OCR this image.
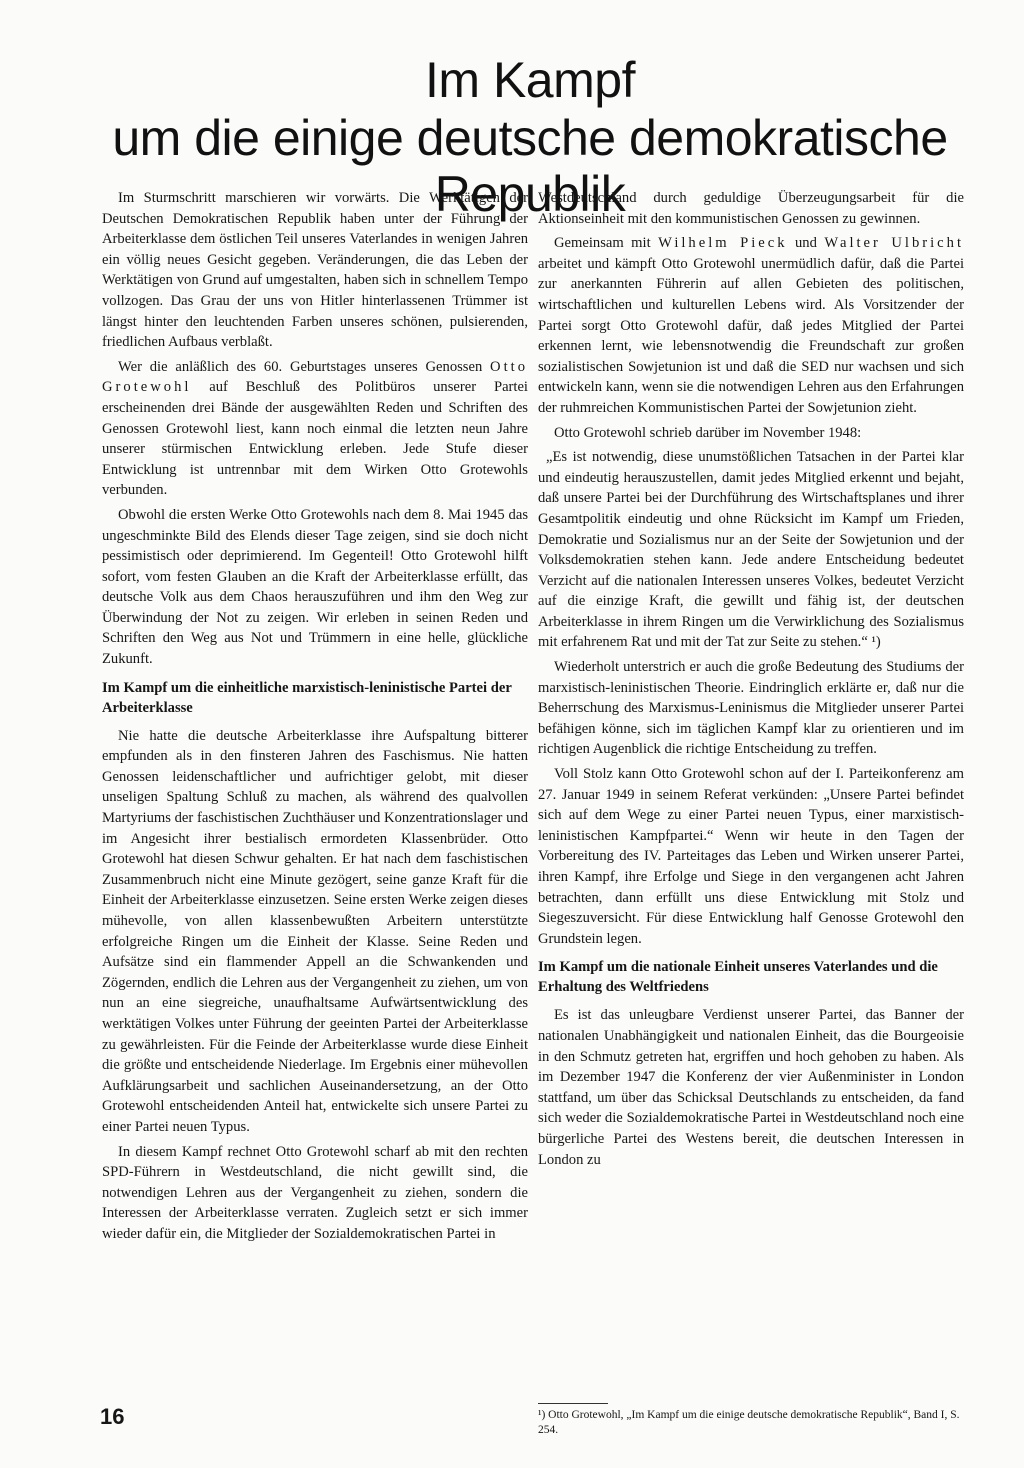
Im Kampf
um die einige deutsche demokratische Republik

Im Sturmschritt marschieren wir vorwärts. Die Werktätigen der Deutschen Demokratischen Republik haben unter der Führung der Arbeiterklasse dem östlichen Teil unseres Vaterlandes in wenigen Jahren ein völlig neues Gesicht gegeben. Veränderungen, die das Leben der Werktätigen von Grund auf umgestalten, haben sich in schnellem Tempo vollzogen. Das Grau der uns von Hitler hinterlassenen Trümmer ist längst hinter den leuchtenden Farben unseres schönen, pulsierenden, friedlichen Aufbaus verblaßt.

Wer die anläßlich des 60. Geburtstages unseres Genossen Otto Grotewohl auf Beschluß des Politbüros unserer Partei erscheinenden drei Bände der ausgewählten Reden und Schriften des Genossen Grotewohl liest, kann noch einmal die letzten neun Jahre unserer stürmischen Entwicklung erleben. Jede Stufe dieser Entwicklung ist untrennbar mit dem Wirken Otto Grotewohls verbunden.

Obwohl die ersten Werke Otto Grotewohls nach dem 8. Mai 1945 das ungeschminkte Bild des Elends dieser Tage zeigen, sind sie doch nicht pessimistisch oder deprimierend. Im Gegenteil! Otto Grotewohl hilft sofort, vom festen Glauben an die Kraft der Arbeiterklasse erfüllt, das deutsche Volk aus dem Chaos herauszuführen und ihm den Weg zur Überwindung der Not zu zeigen. Wir erleben in seinen Reden und Schriften den Weg aus Not und Trümmern in eine helle, glückliche Zukunft.

Im Kampf um die einheitliche marxistisch-leninistische Partei der Arbeiterklasse

Nie hatte die deutsche Arbeiterklasse ihre Aufspaltung bitterer empfunden als in den finsteren Jahren des Faschismus. Nie hatten Genossen leidenschaftlicher und aufrichtiger gelobt, mit dieser unseligen Spaltung Schluß zu machen, als während des qualvollen Martyriums der faschistischen Zuchthäuser und Konzentrationslager und im Angesicht ihrer bestialisch ermordeten Klassenbrüder. Otto Grotewohl hat diesen Schwur gehalten. Er hat nach dem faschistischen Zusammenbruch nicht eine Minute gezögert, seine ganze Kraft für die Einheit der Arbeiterklasse einzusetzen. Seine ersten Werke zeigen dieses mühevolle, von allen klassenbewußten Arbeitern unterstützte erfolgreiche Ringen um die Einheit der Klasse. Seine Reden und Aufsätze sind ein flammender Appell an die Schwankenden und Zögernden, endlich die Lehren aus der Vergangenheit zu ziehen, um von nun an eine siegreiche, unaufhaltsame Aufwärtsentwicklung des werktätigen Volkes unter Führung der geeinten Partei der Arbeiterklasse zu gewährleisten. Für die Feinde der Arbeiterklasse wurde diese Einheit die größte und entscheidende Niederlage. Im Ergebnis einer mühevollen Aufklärungsarbeit und sachlichen Auseinandersetzung, an der Otto Grotewohl entscheidenden Anteil hat, entwickelte sich unsere Partei zu einer Partei neuen Typus.

In diesem Kampf rechnet Otto Grotewohl scharf ab mit den rechten SPD-Führern in Westdeutschland, die nicht gewillt sind, die notwendigen Lehren aus der Vergangenheit zu ziehen, sondern die Interessen der Arbeiterklasse verraten. Zugleich setzt er sich immer wieder dafür ein, die Mitglieder der Sozialdemokratischen Partei in

Westdeutschland durch geduldige Überzeugungsarbeit für die Aktionseinheit mit den kommunistischen Genossen zu gewinnen.

Gemeinsam mit Wilhelm Pieck und Walter Ulbricht arbeitet und kämpft Otto Grotewohl unermüdlich dafür, daß die Partei zur anerkannten Führerin auf allen Gebieten des politischen, wirtschaftlichen und kulturellen Lebens wird. Als Vorsitzender der Partei sorgt Otto Grotewohl dafür, daß jedes Mitglied der Partei erkennen lernt, wie lebensnotwendig die Freundschaft zur großen sozialistischen Sowjetunion ist und daß die SED nur wachsen und sich entwickeln kann, wenn sie die notwendigen Lehren aus den Erfahrungen der ruhmreichen Kommunistischen Partei der Sowjetunion zieht.

Otto Grotewohl schrieb darüber im November 1948:

„Es ist notwendig, diese unumstößlichen Tatsachen in der Partei klar und eindeutig herauszustellen, damit jedes Mitglied erkennt und bejaht, daß unsere Partei bei der Durchführung des Wirtschaftsplanes und ihrer Gesamtpolitik eindeutig und ohne Rücksicht im Kampf um Frieden, Demokratie und Sozialismus nur an der Seite der Sowjetunion und der Volksdemokratien stehen kann. Jede andere Entscheidung bedeutet Verzicht auf die nationalen Interessen unseres Volkes, bedeutet Verzicht auf die einzige Kraft, die gewillt und fähig ist, der deutschen Arbeiterklasse in ihrem Ringen um die Verwirklichung des Sozialismus mit erfahrenem Rat und mit der Tat zur Seite zu stehen.“ ¹)

Wiederholt unterstrich er auch die große Bedeutung des Studiums der marxistisch-leninistischen Theorie. Eindringlich erklärte er, daß nur die Beherrschung des Marxismus-Leninismus die Mitglieder unserer Partei befähigen könne, sich im täglichen Kampf klar zu orientieren und im richtigen Augenblick die richtige Entscheidung zu treffen.

Voll Stolz kann Otto Grotewohl schon auf der I. Parteikonferenz am 27. Januar 1949 in seinem Referat verkünden: „Unsere Partei befindet sich auf dem Wege zu einer Partei neuen Typus, einer marxistisch-leninistischen Kampfpartei.“ Wenn wir heute in den Tagen der Vorbereitung des IV. Parteitages das Leben und Wirken unserer Partei, ihren Kampf, ihre Erfolge und Siege in den vergangenen acht Jahren betrachten, dann erfüllt uns diese Entwicklung mit Stolz und Siegeszuversicht. Für diese Entwicklung half Genosse Grotewohl den Grundstein legen.

Im Kampf um die nationale Einheit unseres Vaterlandes und die Erhaltung des Weltfriedens

Es ist das unleugbare Verdienst unserer Partei, das Banner der nationalen Unabhängigkeit und nationalen Einheit, das die Bourgeoisie in den Schmutz getreten hat, ergriffen und hoch gehoben zu haben. Als im Dezember 1947 die Konferenz der vier Außenminister in London stattfand, um über das Schicksal Deutschlands zu entscheiden, da fand sich weder die Sozialdemokratische Partei in Westdeutschland noch eine bürgerliche Partei des Westens bereit, die deutschen Interessen in London zu

¹) Otto Grotewohl, „Im Kampf um die einige deutsche demokratische Republik“, Band I, S. 254.
16
